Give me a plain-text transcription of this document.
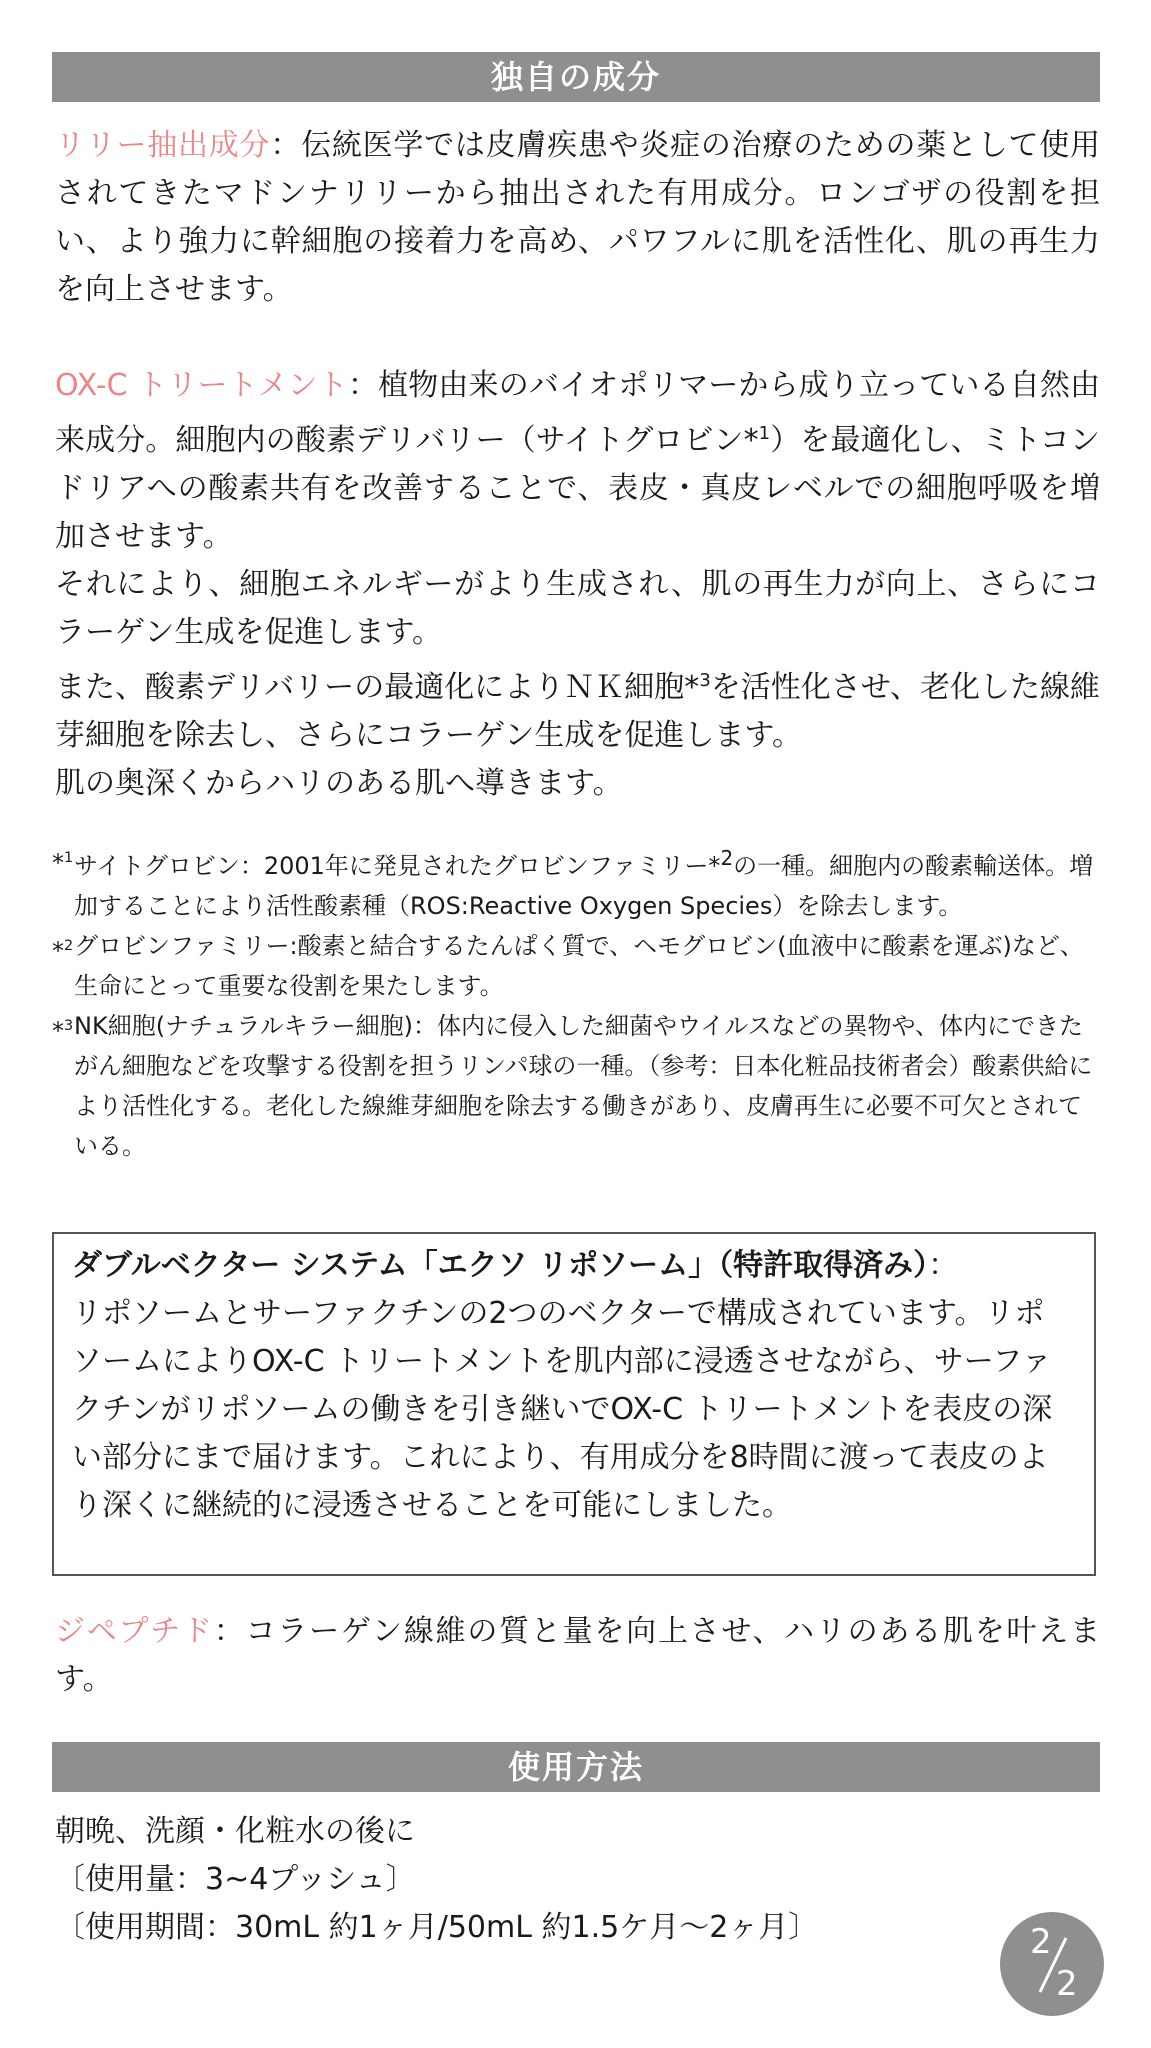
独自の成分

リリー抽出成分：伝統医学では皮膚疾患や炎症の治療のための薬として使用されてきたマドンナリリーから抽出された有用成分。ロンゴザの役割を担い、より強力に幹細胞の接着力を高め、パワフルに肌を活性化、肌の再生力を向上させます。

OX-C トリートメント：植物由来のバイオポリマーから成り立っている自然由来成分。細胞内の酸素デリバリー（サイトグロビン*$^1$）を最適化し、ミトコンドリアへの酸素共有を改善することで、表皮・真皮レベルでの細胞呼吸を増加させます。

それにより、細胞エネルギーがより生成され、肌の再生力が向上、さらにコラーゲン生成を促進します。

また、酸素デリバリーの最適化によりＮＫ細胞*$^3$を活性化させ、老化した線維芽細胞を除去し、さらにコラーゲン生成を促進します。

肌の奥深くからハリのある肌へ導きます。

*$^1$ サイトグロビン：2001年に発見されたグロビンファミリー*$^2$の一種。細胞内の酸素輸送体。増加することにより活性酸素種（ROS:Reactive Oxygen Species）を除去します。
*$^2$ グロビンファミリー:酸素と結合するたんぱく質で、ヘモグロビン(血液中に酸素を運ぶ)など、生命にとって重要な役割を果たします。
*$^3$ NK細胞(ナチュラルキラー細胞)：体内に侵入した細菌やウイルスなどの異物や、体内にできたがん細胞などを攻撃する役割を担うリンパ球の一種。（参考：日本化粧品技術者会）酸素供給により活性化する。老化した線維芽細胞を除去する働きがあり、皮膚再生に必要不可欠とされている。
ダブルベクター システム「エクソ リポソーム」（特許取得済み）：
リポソームとサーファクチンの2つのベクターで構成されています。リポソームによりOX-C トリートメントを肌内部に浸透させながら、サーファクチンがリポソームの働きを引き継いでOX-C トリートメントを表皮の深い部分にまで届けます。これにより、有用成分を8時間に渡って表皮のより深くに継続的に浸透させることを可能にしました。

ジペプチド：コラーゲン線維の質と量を向上させ、ハリのある肌を叶えます。

使用方法
朝晩、洗顔・化粧水の後に
〔使用量：3~4プッシュ〕
〔使用期間：30mL 約1ヶ月/50mL 約1.5ケ月～2ヶ月〕	2
2
